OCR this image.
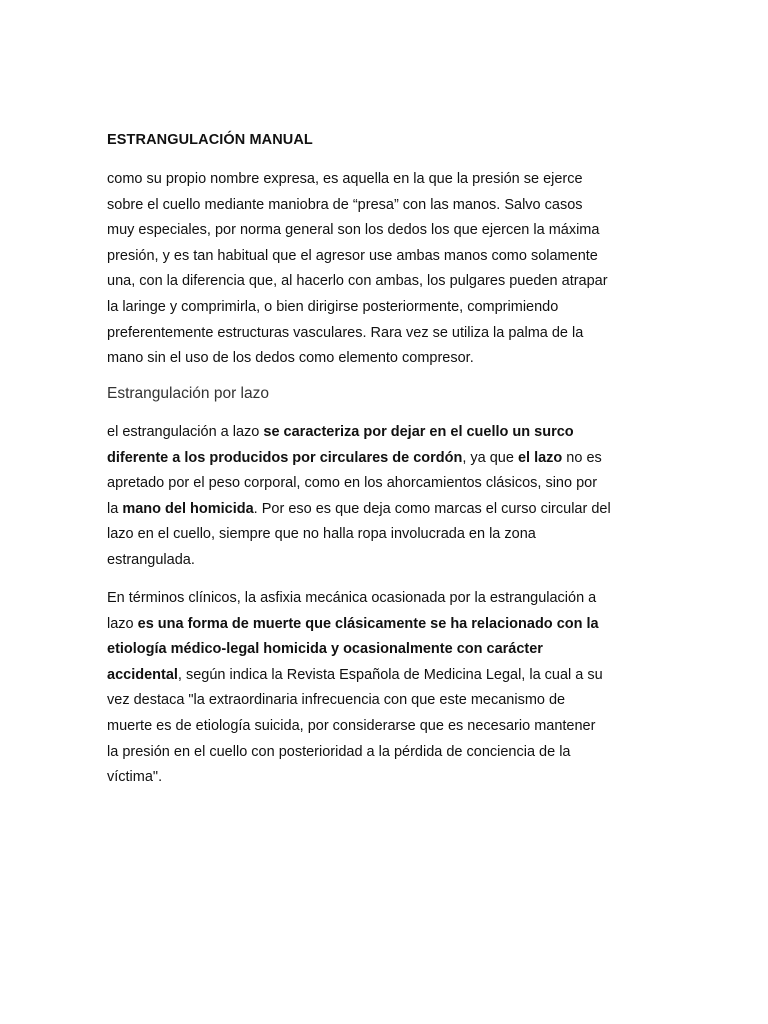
ESTRANGULACIÓN MANUAL

como su propio nombre expresa, es aquella en la que la presión se ejerce
sobre el cuello mediante maniobra de “presa” con las manos. Salvo casos
muy especiales, por norma general son los dedos los que ejercen la máxima
presión, y es tan habitual que el agresor use ambas manos como solamente
una, con la diferencia que, al hacerlo con ambas, los pulgares pueden atrapar
la laringe y comprimirla, o bien dirigirse posteriormente, comprimiendo
preferentemente estructuras vasculares. Rara vez se utiliza la palma de la
mano sin el uso de los dedos como elemento compresor.

Estrangulación por lazo

el estrangulación a lazo se caracteriza por dejar en el cuello un surco
diferente a los producidos por circulares de cordón, ya que el lazo no es
apretado por el peso corporal, como en los ahorcamientos clásicos, sino por
la mano del homicida. Por eso es que deja como marcas el curso circular del
lazo en el cuello, siempre que no halla ropa involucrada en la zona
estrangulada.

En términos clínicos, la asfixia mecánica ocasionada por la estrangulación a
lazo es una forma de muerte que clásicamente se ha relacionado con la
etiología médico-legal homicida y ocasionalmente con carácter
accidental, según indica la Revista Española de Medicina Legal, la cual a su
vez destaca "la extraordinaria infrecuencia con que este mecanismo de
muerte es de etiología suicida, por considerarse que es necesario mantener
la presión en el cuello con posterioridad a la pérdida de conciencia de la
víctima".
